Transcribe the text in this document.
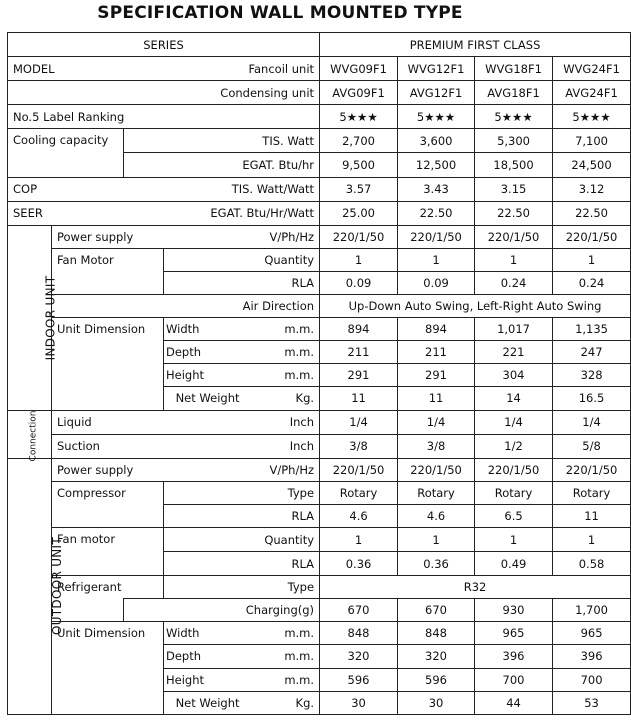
SPECIFICATION WALL MOUNTED TYPE
SERIES					PREMIUM FIRST CLASS			
MODEL		Fancoil unit			WVG09F1	WVG12F1	WVG18F1	WVG24F1
Condensing unit					AVG09F1	AVG12F1	AVG18F1	AVG24F1
No.5 Label Ranking					5★★★	5★★★	5★★★	5★★★
Cooling capacity		TIS. Watt			2,700	3,600	5,300	7,100
		EGAT. Btu/hr			9,500	12,500	18,500	24,500
COP		TIS. Watt/Watt			3.57	3.43	3.15	3.12
SEER		EGAT. Btu/Hr/Watt			25.00	22.50	22.50	22.50
INDOOR UNIT	Power supply		V/Ph/Hz		220/1/50	220/1/50	220/1/50	220/1/50
	Fan Motor		Quantity		1	1	1	1
			RLA		0.09	0.09	0.24	0.24
	Air Direction				Up-Down Auto Swing, Left-Right Auto Swing			
	Unit Dimension		Width	m.m.	894	894	1,017	1,135
			Depth	m.m.	211	211	221	247
			Height	m.m.	291	291	304	328
			Net Weight	Kg.	11	11	14	16.5
Connection	Liquid		Inch		1/4	1/4	1/4	1/4
	Suction		Inch		3/8	3/8	1/2	5/8
OUTDOOR UNIT	Power supply		V/Ph/Hz		220/1/50	220/1/50	220/1/50	220/1/50
	Compressor		Type		Rotary	Rotary	Rotary	Rotary
			RLA		4.6	4.6	6.5	11
	Fan motor		Quantity		1	1	1	1
			RLA		0.36	0.36	0.49	0.58
	Refrigerant		Type		R32			
		Charging(g)			670	670	930	1,700
	Unit Dimension		Width	m.m.	848	848	965	965
			Depth	m.m.	320	320	396	396
			Height	m.m.	596	596	700	700
			Net Weight	Kg.	30	30	44	53
